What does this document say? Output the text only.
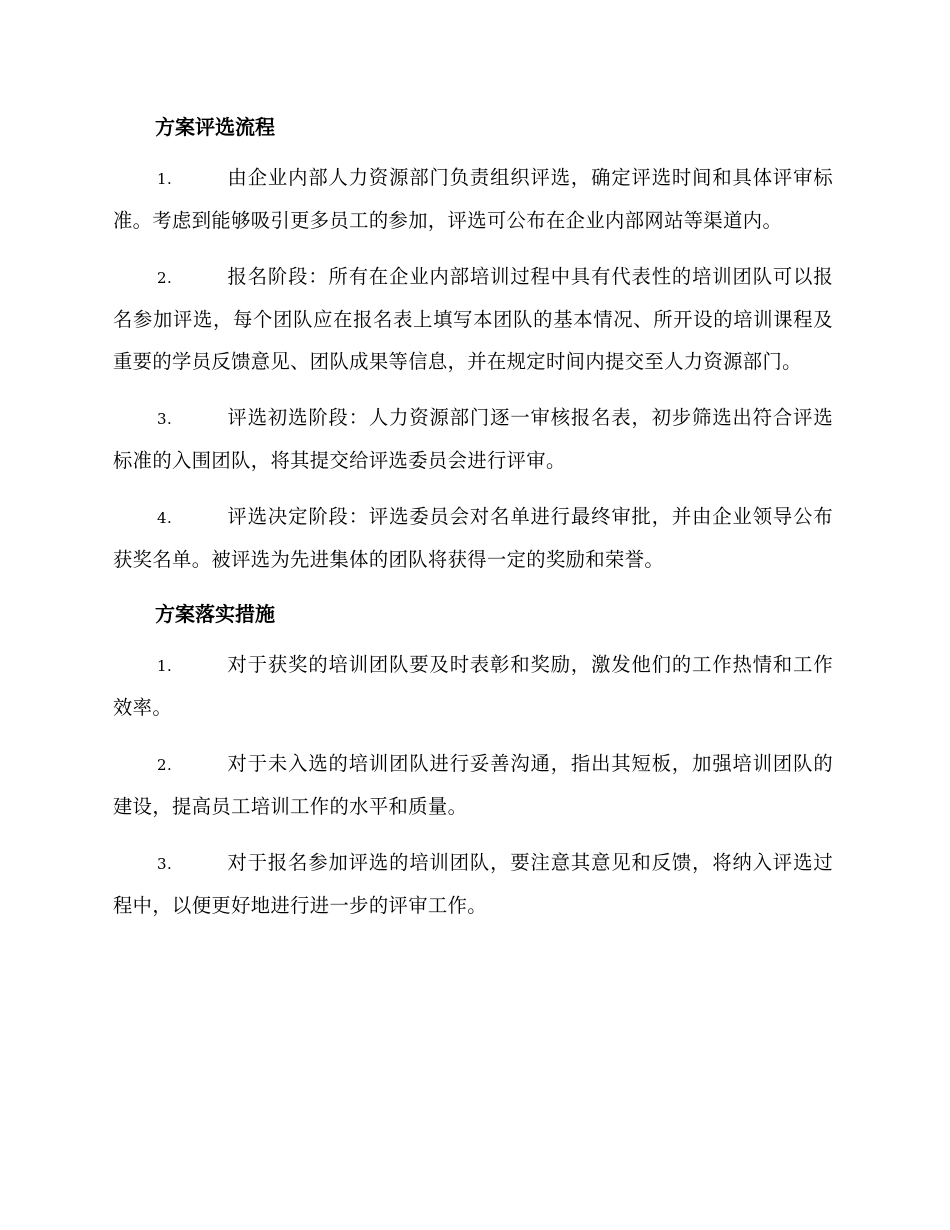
方案评选流程

1.	由企业内部人力资源部门负责组织评选，确定评选时间和具体评审标准。考虑到能够吸引更多员工的参加，评选可公布在企业内部网站等渠道内。

2.	报名阶段：所有在企业内部培训过程中具有代表性的培训团队可以报名参加评选，每个团队应在报名表上填写本团队的基本情况、所开设的培训课程及重要的学员反馈意见、团队成果等信息，并在规定时间内提交至人力资源部门。

3.	评选初选阶段：人力资源部门逐一审核报名表，初步筛选出符合评选标准的入围团队，将其提交给评选委员会进行评审。

4.	评选决定阶段：评选委员会对名单进行最终审批，并由企业领导公布获奖名单。被评选为先进集体的团队将获得一定的奖励和荣誉。

方案落实措施

1.	对于获奖的培训团队要及时表彰和奖励，激发他们的工作热情和工作效率。

2.	对于未入选的培训团队进行妥善沟通，指出其短板，加强培训团队的建设，提高员工培训工作的水平和质量。

3.	对于报名参加评选的培训团队，要注意其意见和反馈，将纳入评选过程中，以便更好地进行进一步的评审工作。
